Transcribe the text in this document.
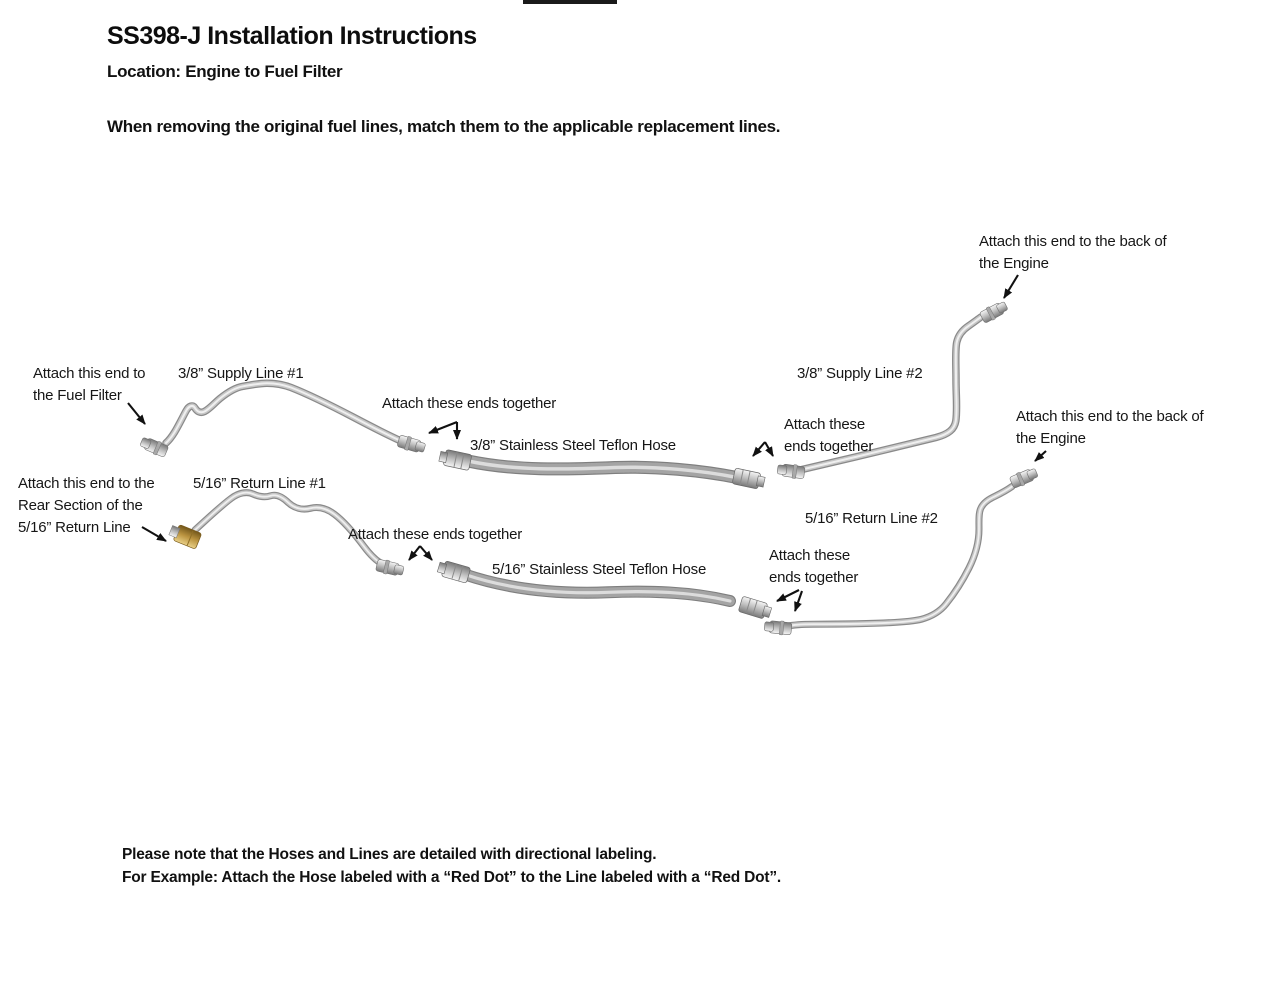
SS398-J Installation Instructions
Location: Engine to Fuel Filter
When removing the original fuel lines, match them to the applicable replacement lines.
Attach this end to the back of
the Engine
Attach this end to
the Fuel Filter
3/8” Supply Line #1
Attach these ends together
3/8” Stainless Steel Teflon Hose
3/8” Supply Line #2
Attach these
ends together
Attach this end to the back of
the Engine
Attach this end to the
Rear Section of the
5/16” Return Line
5/16” Return Line #1
Attach these ends together
5/16” Stainless Steel Teflon Hose
5/16” Return Line #2
Attach these
ends together
Please note that the Hoses and Lines are detailed with directional labeling.
For Example: Attach the Hose labeled with a “Red Dot” to the Line labeled with a “Red Dot”.
